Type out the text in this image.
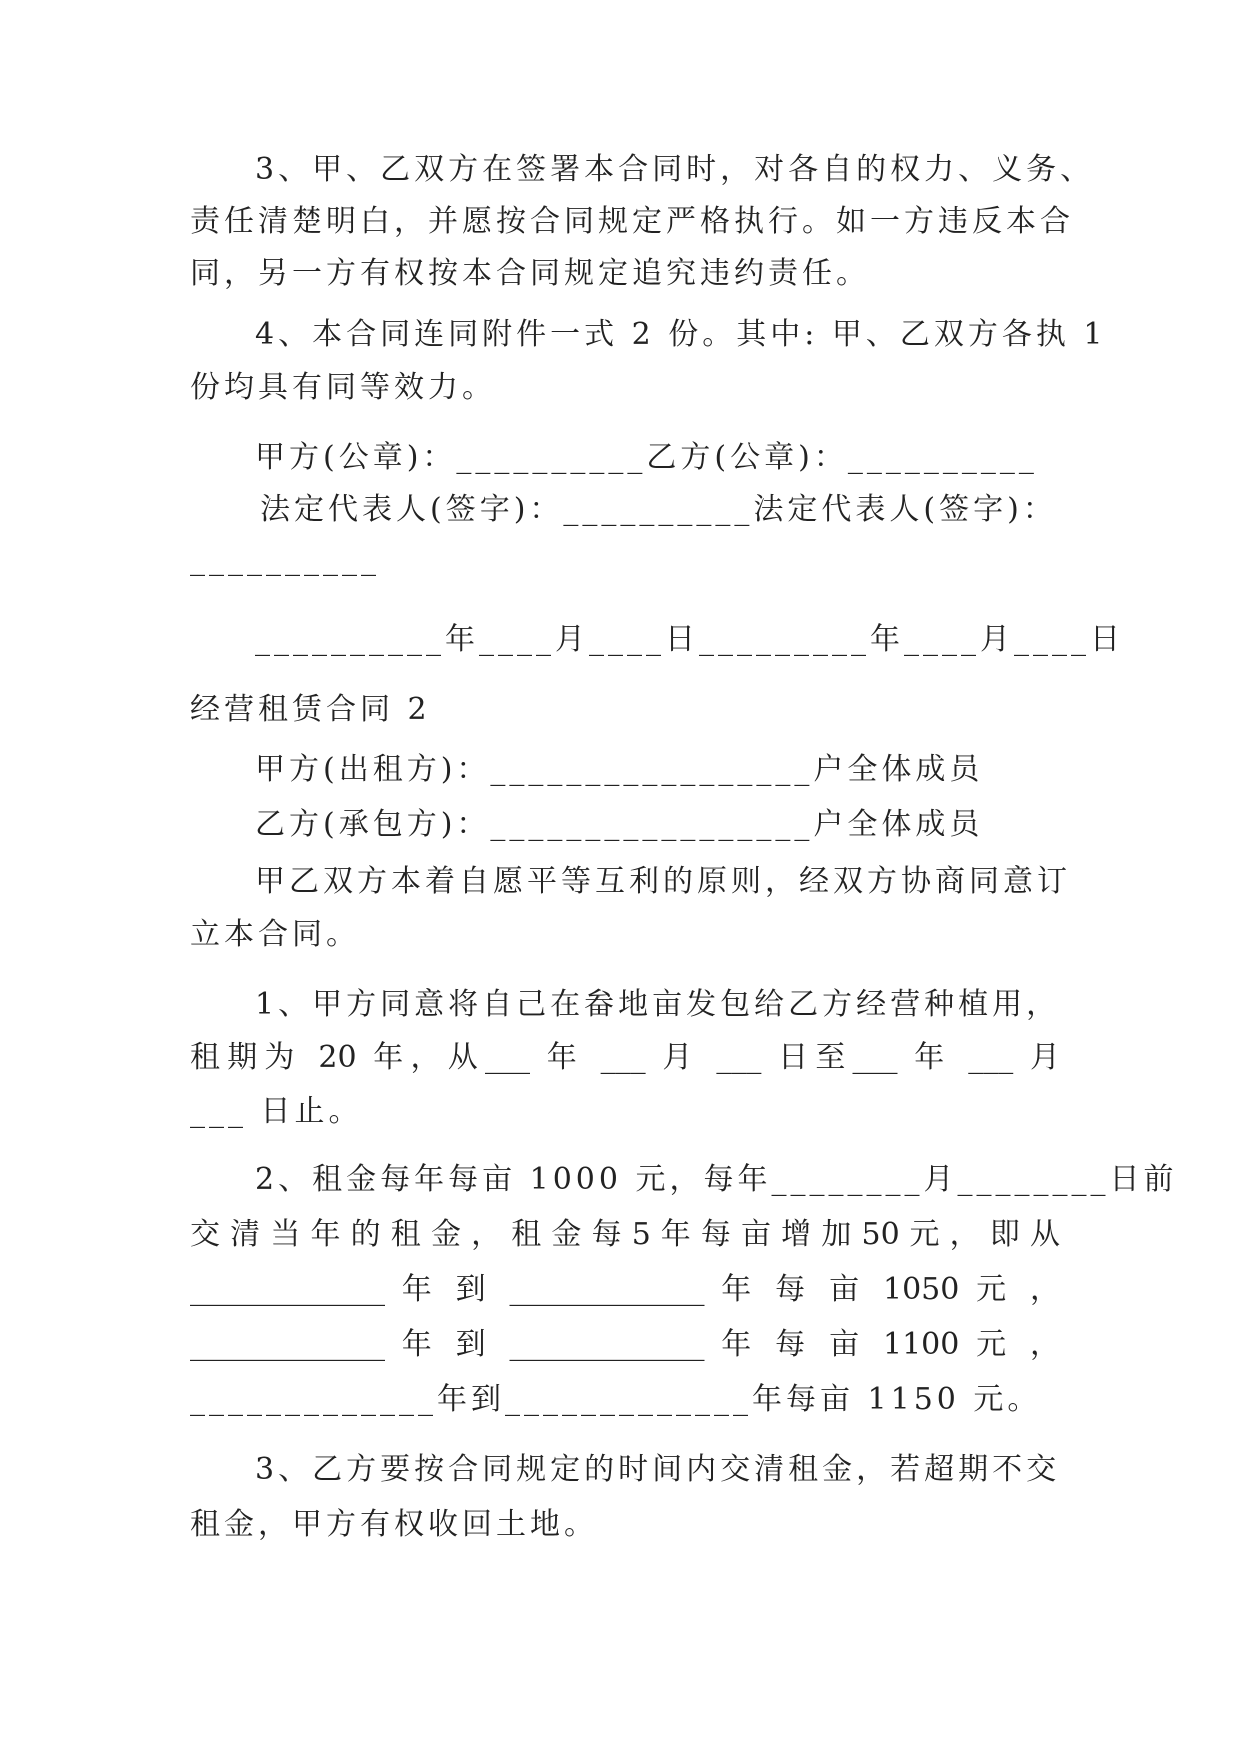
3、甲、乙双方在签署本合同时，对各自的权力、义务、
责任清楚明白，并愿按合同规定严格执行。如一方违反本合
同，另一方有权按本合同规定追究违约责任。
4、本合同连同附件一式 2 份。其中: 甲、乙双方各执 1
份均具有同等效力。
甲方(公章)：__________乙方(公章)：__________
法定代表人(签字)：__________法定代表人(签字)：
__________
__________年____月____日_________年____月____日
经营租赁合同 2
甲方(出租方)：_________________户全体成员
乙方(承包方)：_________________户全体成员
甲乙双方本着自愿平等互利的原则，经双方协商同意订
立本合同。
1、甲方同意将自己在畚地亩发包给乙方经营种植用，
租期为 20 年，从___ 年 ___ 月 ___ 日至___ 年 ___ 月
___ 日止。
2、租金每年每亩 1000 元，每年________月________日前
交 清 当 年 的 租 金 ， 租 金 每 5 年 每 亩 增 加 50 元 ， 即 从
_____________ 年 到 _____________ 年 每 亩 1050 元 ，
_____________ 年 到 _____________ 年 每 亩 1100 元 ，
_____________年到_____________年每亩 1150 元。
3、乙方要按合同规定的时间内交清租金，若超期不交
租金，甲方有权收回土地。
